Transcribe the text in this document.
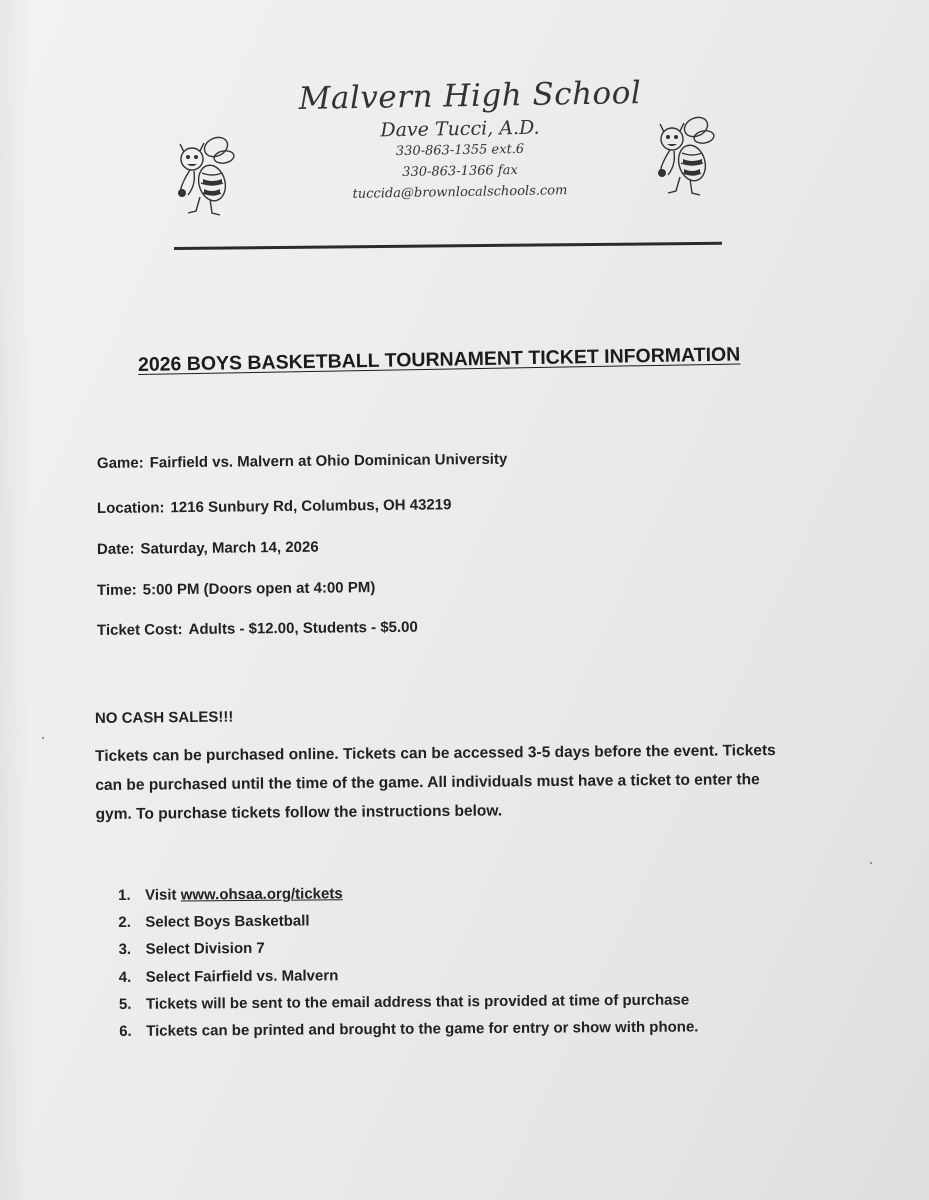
Malvern High School
Dave Tucci, A.D.
330-863-1355 ext.6
330-863-1366 fax
tuccida@brownlocalschools.com
2026 BOYS BASKETBALL TOURNAMENT TICKET INFORMATION
Game: Fairfield vs. Malvern at Ohio Dominican University
Location: 1216 Sunbury Rd, Columbus, OH 43219
Date: Saturday, March 14, 2026
Time: 5:00 PM (Doors open at 4:00 PM)
Ticket Cost: Adults - $12.00, Students - $5.00
NO CASH SALES!!!
Tickets can be purchased online. Tickets can be accessed 3-5 days before the event. Tickets
can be purchased until the time of the game. All individuals must have a ticket to enter the
gym. To purchase tickets follow the instructions below.
1. Visit www.ohsaa.org/tickets
2. Select Boys Basketball
3. Select Division 7
4. Select Fairfield vs. Malvern
5. Tickets will be sent to the email address that is provided at time of purchase
6. Tickets can be printed and brought to the game for entry or show with phone.
